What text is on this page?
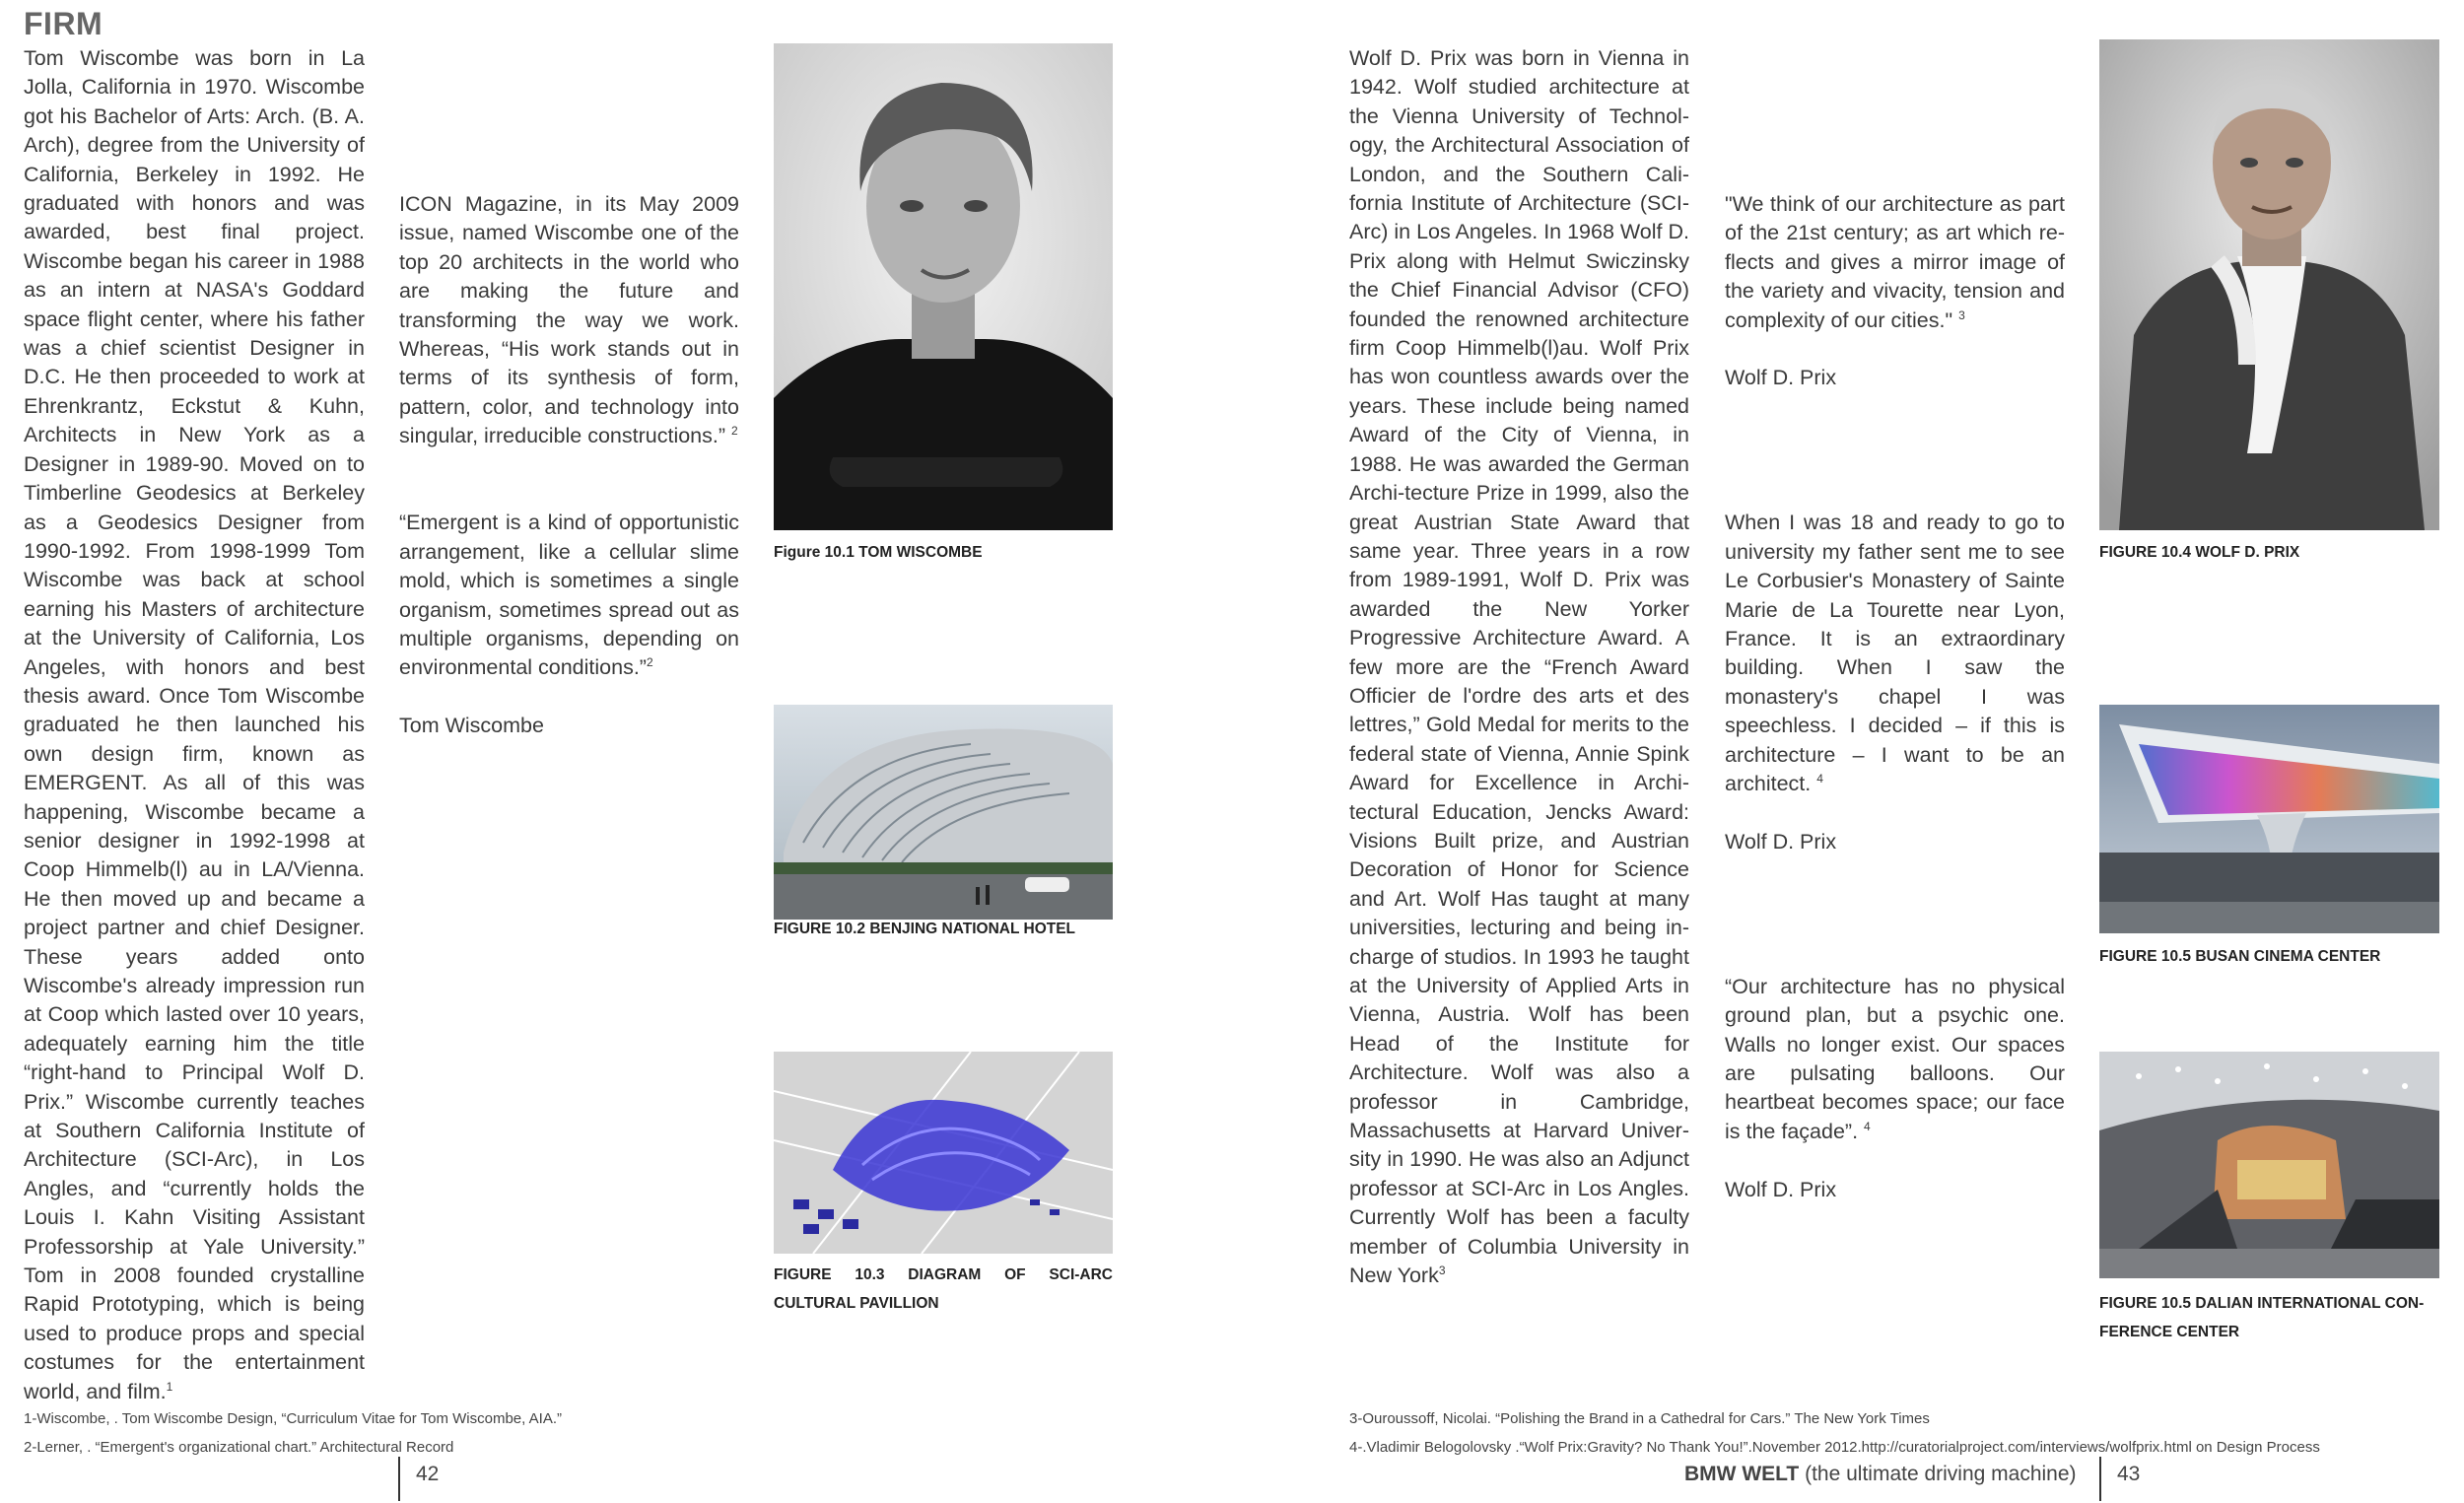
FIRM
Tom Wiscombe was born in La Jolla, California in 1970. Wiscombe got his Bachelor of Arts: Arch. (B. A. Arch), degree from the University of California, Berkeley in 1992. He graduated with honors and was awarded, best final project. Wiscombe began his career in 1988 as an intern at NASA's Goddard space flight center, where his father was a chief scientist Designer in D.C. He then proceeded to work at Ehrenkrantz, Eckstut & Kuhn, Architects in New York as a Designer in 1989-90. Moved on to Timberline Geodesics at Berkeley as a Geodesics Designer from 1990-1992. From 1998-1999 Tom Wiscombe was back at school earning his Masters of architecture at the University of California, Los Angeles, with honors and best thesis award. Once Tom Wiscombe graduated he then launched his own design firm, known as EMERGENT. As all of this was happening, Wiscombe became a senior designer in 1992-1998 at Coop Himmelb(l) au in LA/Vienna. He then moved up and became a project partner and chief Designer. These years added onto Wiscombe's already impression run at Coop which lasted over 10 years, adequately earning him the title “right-hand to Principal Wolf D. Prix.” Wiscombe currently teaches at Southern California Institute of Architecture (SCI-Arc), in Los Angles, and “currently holds the Louis I. Kahn Visiting Assistant Professorship at Yale University.” Tom in 2008 founded crystalline Rapid Prototyping, which is being used to produce props and special costumes for the entertainment world, and film.$^1$

ICON Magazine, in its May 2009 issue, named Wiscombe one of the top 20 architects in the world who are making the future and transforming the way we work. Whereas, “His work stands out in terms of its synthesis of form, pattern, color, and technology into singular, irreducible constructions.” $^2$

“Emergent is a kind of opportunistic arrangement, like a cellular slime mold, which is sometimes a single organism, sometimes spread out as multiple organisms, depending on environmental conditions.”$^2$

Tom Wiscombe

Figure 10.1 TOM WISCOMBE
FIGURE 10.2 BENJING NATIONAL HOTEL
FIGURE 10.3 DIAGRAM OF SCI-ARC
CULTURAL PAVILLION
1-Wiscombe, . Tom Wiscombe Design, “Curriculum Vitae for Tom Wiscombe, AIA.”
2-Lerner, . “Emergent's organizational chart.” Architectural Record
42
Wolf D. Prix was born in Vienna in 1942. Wolf studied architecture at the Vienna University of Technol-ogy, the Architectural Association of London, and the Southern Cali-fornia Institute of Architecture (SCI-Arc) in Los Angeles. In 1968 Wolf D. Prix along with Helmut Swiczinsky the Chief Financial Advisor (CFO) founded the renowned architecture firm Coop Himmelb(l)au. Wolf Prix has won countless awards over the years. These include being named Award of the City of Vienna, in 1988. He was awarded the German Archi-tecture Prize in 1999, also the great Austrian State Award that same year. Three years in a row from 1989-1991, Wolf D. Prix was awarded the New Yorker Progressive Architecture Award. A few more are the “French Award Officier de l'ordre des arts et des lettres,” Gold Medal for merits to the federal state of Vienna, Annie Spink Award for Excellence in Archi-tectural Education, Jencks Award: Visions Built prize, and Austrian Decoration of Honor for Science and Art. Wolf Has taught at many universities, lecturing and being in-charge of studios. In 1993 he taught at the University of Applied Arts in Vienna, Austria. Wolf has been Head of the Institute for Architecture. Wolf was also a professor in Cambridge, Massachusetts at Harvard Univer-sity in 1990. He was also an Adjunct professor at SCI-Arc in Los Angles. Currently Wolf has been a faculty member of Columbia University in New York$^3$

"We think of our architecture as part of the 21st century; as art which re-flects and gives a mirror image of the variety and vivacity, tension and complexity of our cities." $^3$

Wolf D. Prix

When I was 18 and ready to go to university my father sent me to see Le Corbusier's Monastery of Sainte Marie de La Tourette near Lyon, France. It is an extraordinary building. When I saw the monastery's chapel I was speechless. I decided – if this is architecture – I want to be an architect. $^4$

Wolf D. Prix

“Our architecture has no physical ground plan, but a psychic one. Walls no longer exist. Our spaces are pulsating balloons. Our heartbeat becomes space; our face is the façade”. $^4$

Wolf D. Prix

FIGURE 10.4 WOLF D. PRIX
FIGURE 10.5 BUSAN CINEMA CENTER
FIGURE 10.5 DALIAN INTERNATIONAL CON-
FERENCE CENTER
3-Ouroussoff, Nicolai. “Polishing the Brand in a Cathedral for Cars.” The New York Times
4-.Vladimir Belogolovsky .“Wolf Prix:Gravity? No Thank You!”.November 2012.http://curatorialproject.com/interviews/wolfprix.html on Design Process
BMW WELT (the ultimate driving machine) 43
